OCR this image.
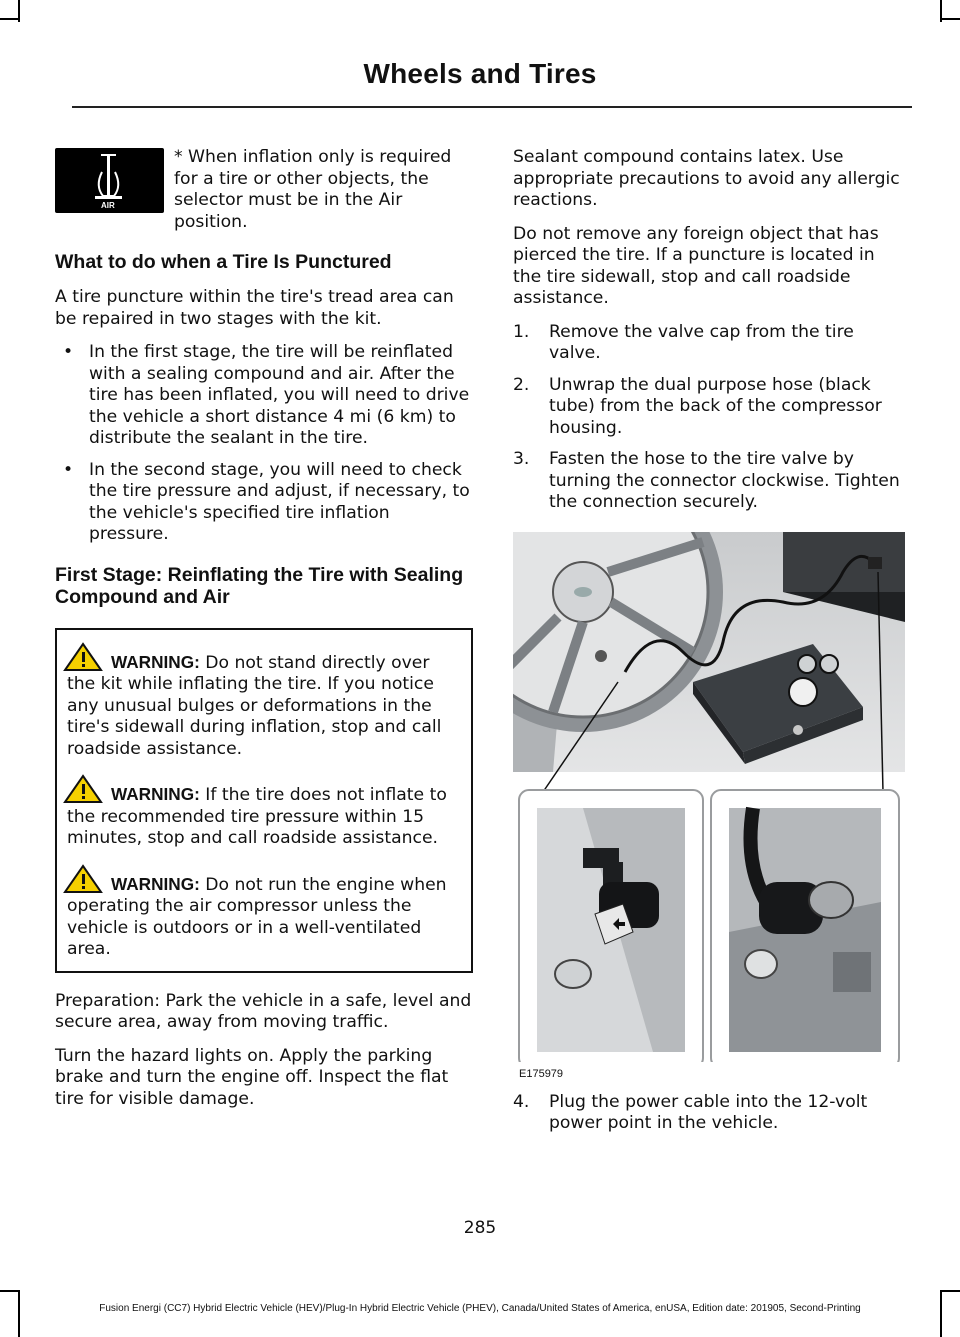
Wheels and Tires
AIR

* When inflation only is required for a tire or other objects, the selector must be in the Air position.

What to do when a Tire Is Punctured

A tire puncture within the tire's tread area can be repaired in two stages with the kit.

• In the first stage, the tire will be reinflated with a sealing compound and air. After the tire has been inflated, you will need to drive the vehicle a short distance 4 mi (6 km) to distribute the sealant in the tire.
• In the second stage, you will need to check the tire pressure and adjust, if necessary, to the vehicle's specified tire inflation pressure.
First Stage: Reinflating the Tire with Sealing Compound and Air
WARNING: Do not stand directly over the kit while inflating the tire. If you notice any unusual bulges or deformations in the tire's sidewall during inflation, stop and call roadside assistance.
WARNING: If the tire does not inflate to the recommended tire pressure within 15 minutes, stop and call roadside assistance.
WARNING: Do not run the engine when operating the air compressor unless the vehicle is outdoors or in a well-ventilated area.

Preparation: Park the vehicle in a safe, level and secure area, away from moving traffic.

Turn the hazard lights on. Apply the parking brake and turn the engine off. Inspect the flat tire for visible damage.

Sealant compound contains latex. Use appropriate precautions to avoid any allergic reactions.

Do not remove any foreign object that has pierced the tire. If a puncture is located in the tire sidewall, stop and call roadside assistance.

1. Remove the valve cap from the tire valve.
2. Unwrap the dual purpose hose (black tube) from the back of the compressor housing.
3. Fasten the hose to the tire valve by turning the connector clockwise. Tighten the connection securely.
E175979
4. Plug the power cable into the 12-volt power point in the vehicle.
285
Fusion Energi (CC7) Hybrid Electric Vehicle (HEV)/Plug-In Hybrid Electric Vehicle (PHEV), Canada/United States of America, enUSA, Edition date: 201905, Second-Printing
